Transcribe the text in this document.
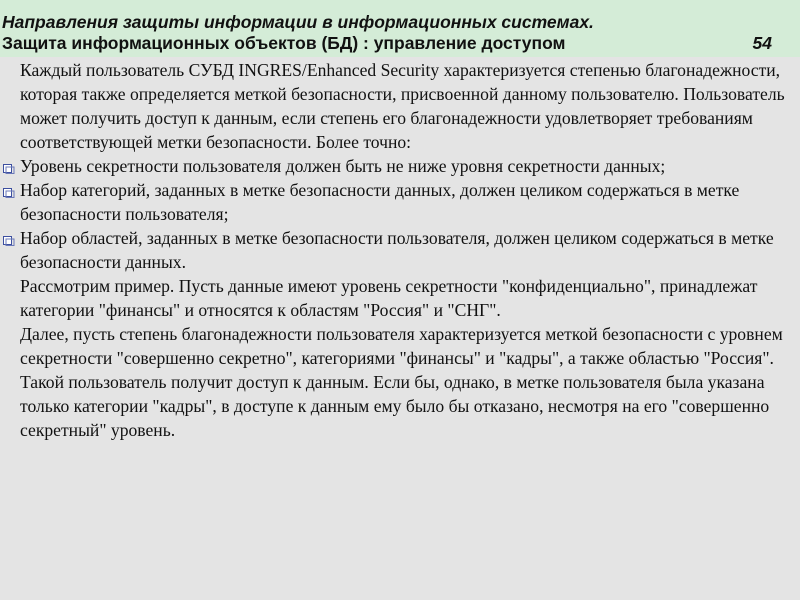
Направления защиты информации в информационных системах.
Защита информационных объектов (БД) : управление доступом	54

Каждый пользователь СУБД INGRES/Enhanced Security характеризуется степенью благонадежности, которая также определяется меткой безопасности, присвоенной данному пользователю. Пользователь может получить доступ к данным, если степень его благонадежности удовлетворяет требованиям соответствующей метки безопасности. Более точно:

Уровень секретности пользователя должен быть не ниже уровня секретности данных;
Набор категорий, заданных в метке безопасности данных, должен целиком содержаться в метке безопасности пользователя;
Набор областей, заданных в метке безопасности пользователя, должен целиком содержаться в метке безопасности данных.

Рассмотрим пример. Пусть данные имеют уровень секретности "конфиденциально", принадлежат категории "финансы" и относятся к областям "Россия" и "СНГ".

Далее, пусть степень благонадежности пользователя характеризуется меткой безопасности с уровнем секретности "совершенно секретно", категориями "финансы" и "кадры", а также областью "Россия". Такой пользователь получит доступ к данным. Если бы, однако, в метке пользователя была указана только категории "кадры", в доступе к данным ему было бы отказано, несмотря на его "совершенно секретный" уровень.
